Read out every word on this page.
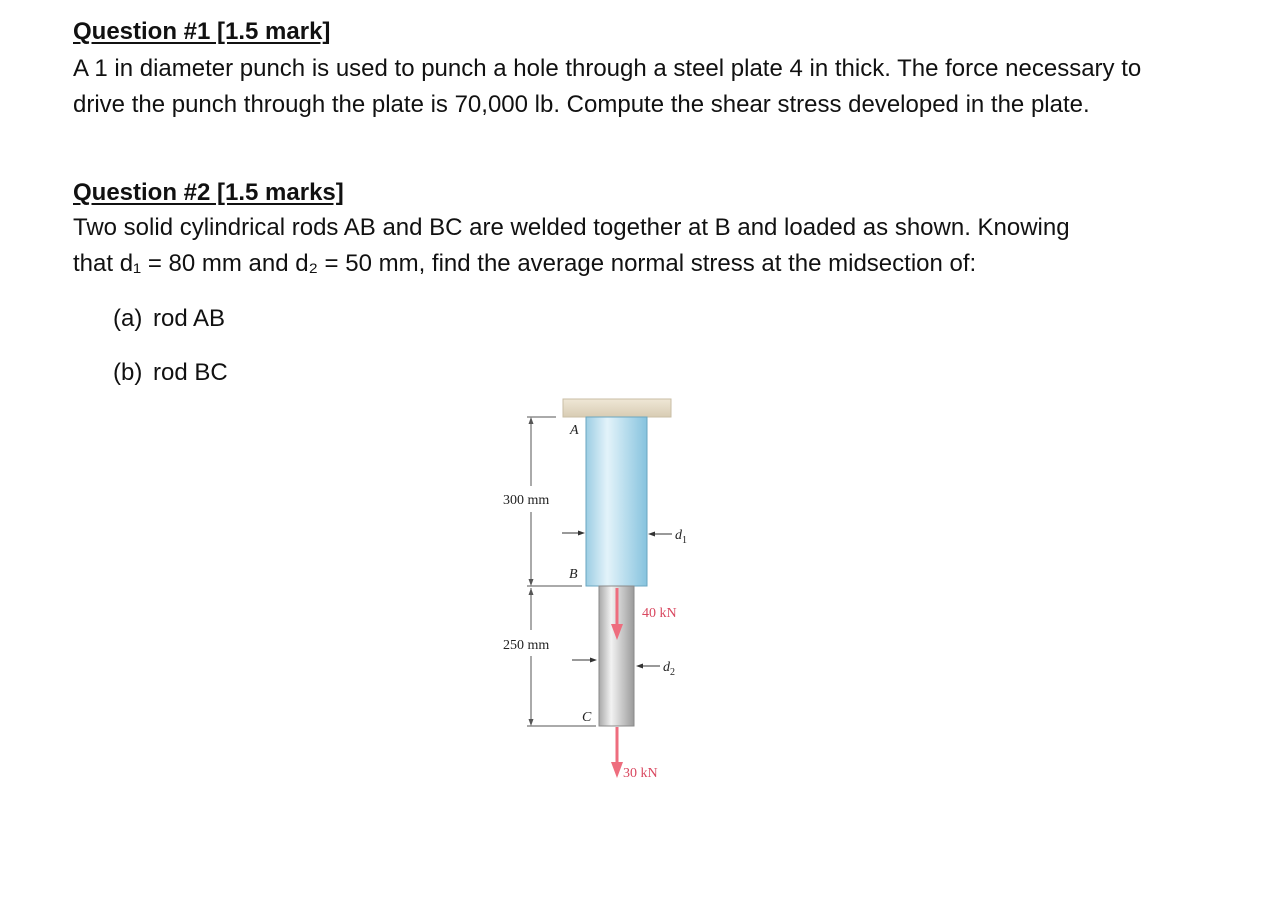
Question #1 [1.5 mark]

A 1 in diameter punch is used to punch a hole through a steel plate 4 in thick. The force necessary to drive the punch through the plate is 70,000 lb. Compute the shear stress developed in the plate.

Question #2 [1.5 marks]

Two solid cylindrical rods AB and BC are welded together at B and loaded as shown. Knowing
that d₁ = 80 mm and d₂ = 50 mm, find the average normal stress at the midsection of:

(a) rod AB
(b) rod BC
300 mm
250 mm
A
B
C
$d_1$
$d_2$
40 kN
30 kN
